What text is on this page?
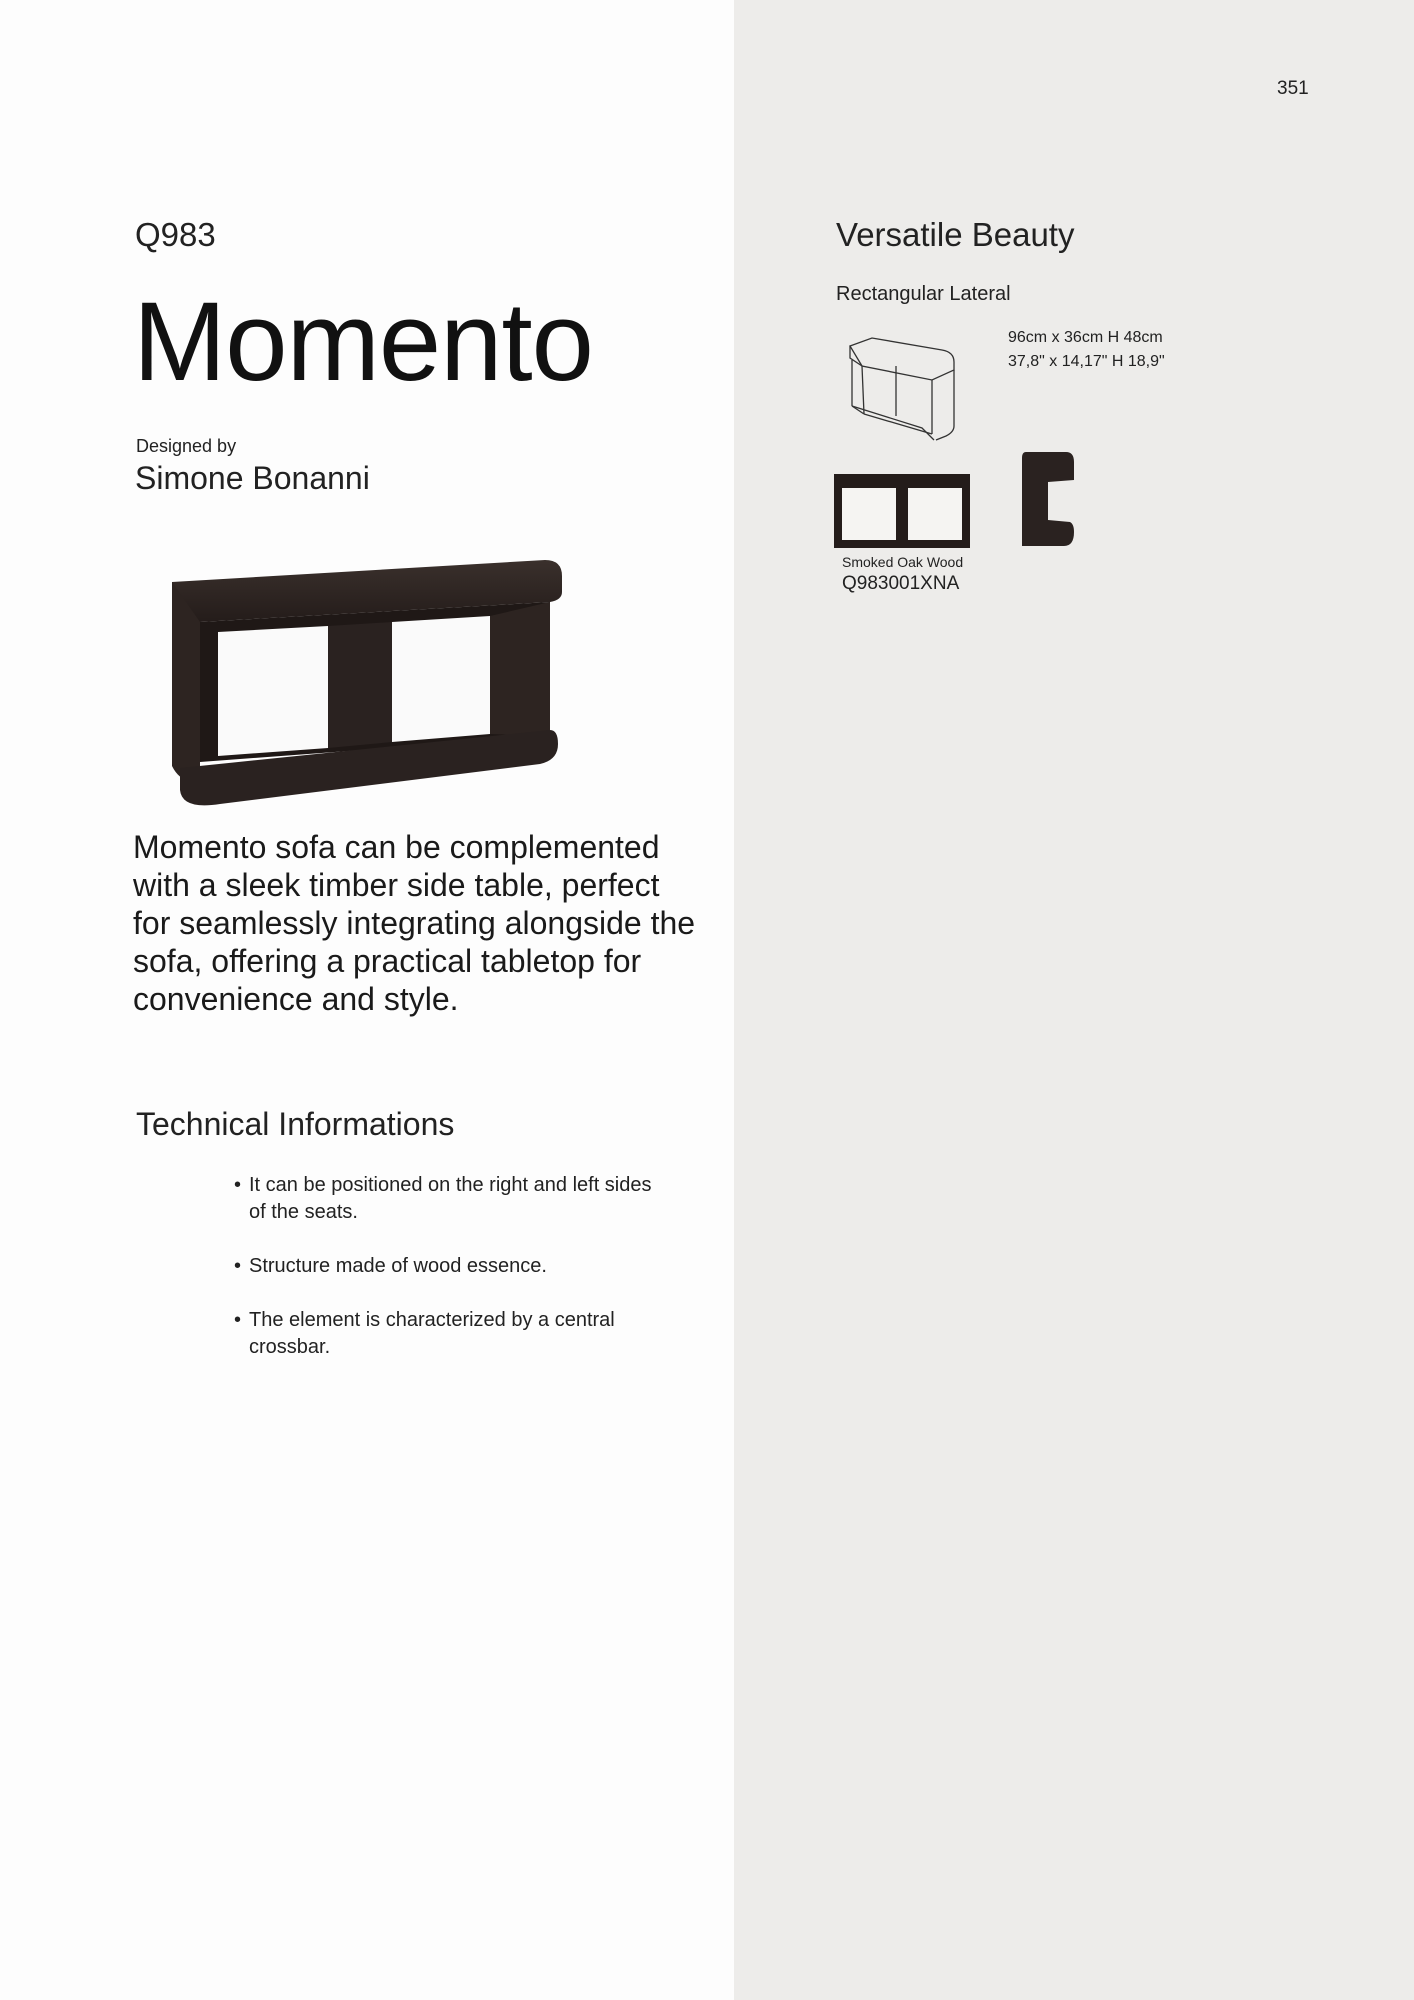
351
Q983
Momento
Designed by
Simone Bonanni
Momento sofa can be complemented with a sleek timber side table, perfect for seamlessly integrating alongside the sofa, offering a practical tabletop for convenience and style.
Technical Informations
• It can be positioned on the right and left sides of the seats.
• Structure made of wood essence.
• The element is characterized by a central crossbar.
Versatile Beauty
Rectangular Lateral
96cm x 36cm H 48cm
37,8" x 14,17" H 18,9"
Smoked Oak Wood
Q983001XNA
